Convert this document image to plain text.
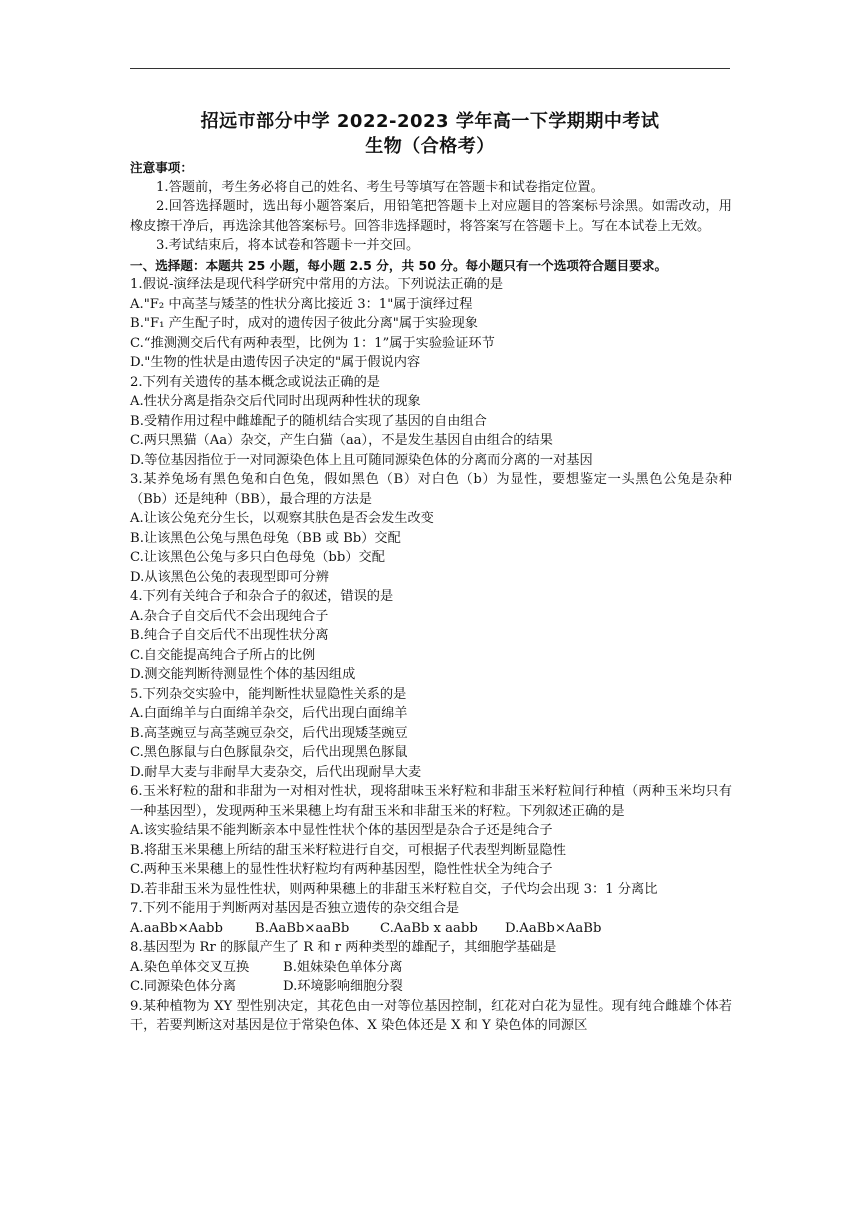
招远市部分中学 2022-2023 学年高一下学期期中考试
生物（合格考）
注意事项：
1.答题前，考生务必将自己的姓名、考生号等填写在答题卡和试卷指定位置。
2.回答选择题时，选出每小题答案后，用铅笔把答题卡上对应题目的答案标号涂黑。如需改动，用橡皮擦干净后，再选涂其他答案标号。回答非选择题时，将答案写在答题卡上。写在本试卷上无效。
3.考试结束后，将本试卷和答题卡一并交回。
一、选择题：本题共 25 小题，每小题 2.5 分，共 50 分。每小题只有一个选项符合题目要求。
1.假说-演绎法是现代科学研究中常用的方法。下列说法正确的是
A."F₂ 中高茎与矮茎的性状分离比接近 3：1"属于演绎过程
B."F₁ 产生配子时，成对的遗传因子彼此分离"属于实验现象
C.“推测测交后代有两种表型，比例为 1：1”属于实验验证环节
D."生物的性状是由遗传因子决定的"属于假说内容
2.下列有关遗传的基本概念或说法正确的是
A.性状分离是指杂交后代同时出现两种性状的现象
B.受精作用过程中雌雄配子的随机结合实现了基因的自由组合
C.两只黑猫（Aa）杂交，产生白猫（aa），不是发生基因自由组合的结果
D.等位基因指位于一对同源染色体上且可随同源染色体的分离而分离的一对基因
3.某养兔场有黑色兔和白色兔，假如黑色（B）对白色（b）为显性，要想鉴定一头黑色公兔是杂种（Bb）还是纯种（BB），最合理的方法是
A.让该公兔充分生长，以观察其肤色是否会发生改变
B.让该黑色公兔与黑色母兔（BB 或 Bb）交配
C.让该黑色公兔与多只白色母兔（bb）交配
D.从该黑色公兔的表现型即可分辨
4.下列有关纯合子和杂合子的叙述，错误的是
A.杂合子自交后代不会出现纯合子
B.纯合子自交后代不出现性状分离
C.自交能提高纯合子所占的比例
D.测交能判断待测显性个体的基因组成
5.下列杂交实验中，能判断性状显隐性关系的是
A.白面绵羊与白面绵羊杂交，后代出现白面绵羊
B.高茎豌豆与高茎豌豆杂交，后代出现矮茎豌豆
C.黑色豚鼠与白色豚鼠杂交，后代出现黑色豚鼠
D.耐旱大麦与非耐旱大麦杂交，后代出现耐旱大麦
6.玉米籽粒的甜和非甜为一对相对性状，现将甜味玉米籽粒和非甜玉米籽粒间行种植（两种玉米均只有一种基因型），发现两种玉米果穗上均有甜玉米和非甜玉米的籽粒。下列叙述正确的是
A.该实验结果不能判断亲本中显性性状个体的基因型是杂合子还是纯合子
B.将甜玉米果穗上所结的甜玉米籽粒进行自交，可根据子代表型判断显隐性
C.两种玉米果穗上的显性性状籽粒均有两种基因型，隐性性状全为纯合子
D.若非甜玉米为显性性状，则两种果穗上的非甜玉米籽粒自交，子代均会出现 3：1 分离比
7.下列不能用于判断两对基因是否独立遗传的杂交组合是
A.aaBb×Aabb	B.AaBb×aaBb	C.AaBb x aabb	D.AaBb×AaBb
8.基因型为 Rr 的豚鼠产生了 R 和 r 两种类型的雄配子，其细胞学基础是
A.染色单体交叉互换	B.姐妹染色单体分离
C.同源染色体分离	D.环境影响细胞分裂
9.某种植物为 XY 型性别决定，其花色由一对等位基因控制，红花对白花为显性。现有纯合雌雄个体若干，若要判断这对基因是位于常染色体、X 染色体还是 X 和 Y 染色体的同源区
